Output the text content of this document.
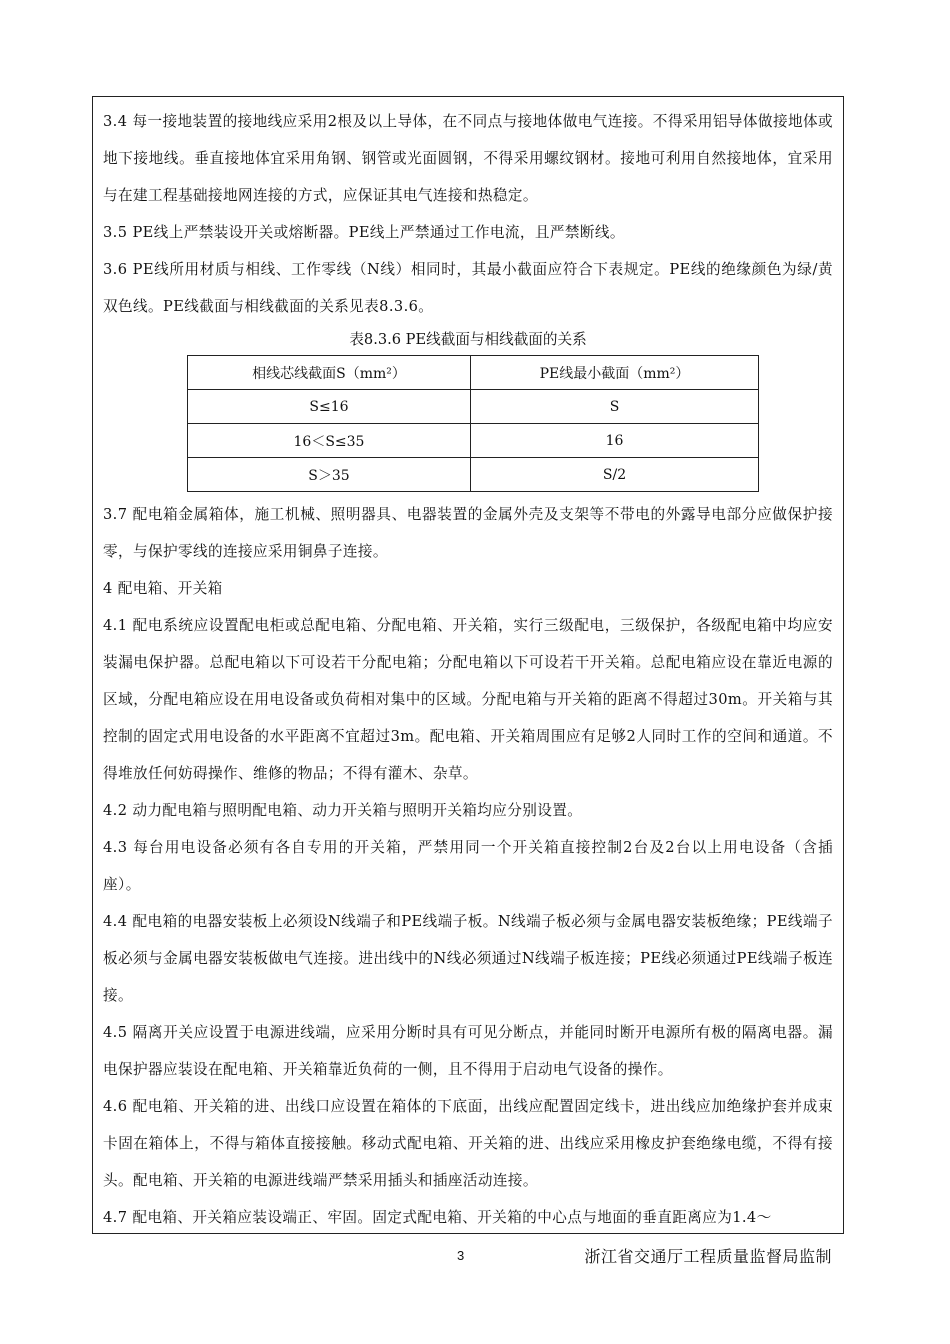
3.4 每一接地装置的接地线应采用2根及以上导体，在不同点与接地体做电气连接。不得采用铝导体做接地体或地下接地线。垂直接地体宜采用角钢、钢管或光面圆钢，不得采用螺纹钢材。接地可利用自然接地体，宜采用与在建工程基础接地网连接的方式，应保证其电气连接和热稳定。

3.5 PE线上严禁装设开关或熔断器。PE线上严禁通过工作电流，且严禁断线。

3.6 PE线所用材质与相线、工作零线（N线）相同时，其最小截面应符合下表规定。PE线的绝缘颜色为绿/黄双色线。PE线截面与相线截面的关系见表8.3.6。

表8.3.6 PE线截面与相线截面的关系

相线芯线截面S（mm²）	PE线最小截面（mm²）
S≤16	S
16＜S≤35	16
S＞35	S/2

3.7 配电箱金属箱体，施工机械、照明器具、电器装置的金属外壳及支架等不带电的外露导电部分应做保护接零，与保护零线的连接应采用铜鼻子连接。

4 配电箱、开关箱

4.1 配电系统应设置配电柜或总配电箱、分配电箱、开关箱，实行三级配电，三级保护，各级配电箱中均应安装漏电保护器。总配电箱以下可设若干分配电箱；分配电箱以下可设若干开关箱。总配电箱应设在靠近电源的区域，分配电箱应设在用电设备或负荷相对集中的区域。分配电箱与开关箱的距离不得超过30m。开关箱与其控制的固定式用电设备的水平距离不宜超过3m。配电箱、开关箱周围应有足够2人同时工作的空间和通道。不得堆放任何妨碍操作、维修的物品；不得有灌木、杂草。

4.2 动力配电箱与照明配电箱、动力开关箱与照明开关箱均应分别设置。

4.3 每台用电设备必须有各自专用的开关箱，严禁用同一个开关箱直接控制2台及2台以上用电设备（含插座）。

4.4 配电箱的电器安装板上必须设N线端子和PE线端子板。N线端子板必须与金属电器安装板绝缘；PE线端子板必须与金属电器安装板做电气连接。进出线中的N线必须通过N线端子板连接；PE线必须通过PE线端子板连接。

4.5 隔离开关应设置于电源进线端，应采用分断时具有可见分断点，并能同时断开电源所有极的隔离电器。漏电保护器应装设在配电箱、开关箱靠近负荷的一侧，且不得用于启动电气设备的操作。

4.6 配电箱、开关箱的进、出线口应设置在箱体的下底面，出线应配置固定线卡，进出线应加绝缘护套并成束卡固在箱体上，不得与箱体直接接触。移动式配电箱、开关箱的进、出线应采用橡皮护套绝缘电缆，不得有接头。配电箱、开关箱的电源进线端严禁采用插头和插座活动连接。

4.7 配电箱、开关箱应装设端正、牢固。固定式配电箱、开关箱的中心点与地面的垂直距离应为1.4～

3	浙江省交通厅工程质量监督局监制
